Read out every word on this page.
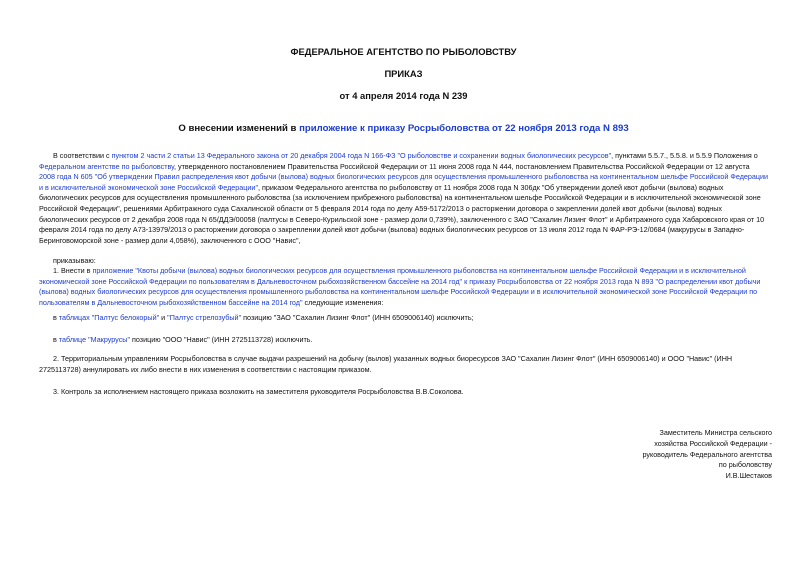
ФЕДЕРАЛЬНОЕ АГЕНТСТВО ПО РЫБОЛОВСТВУ
ПРИКАЗ
от 4 апреля 2014 года N 239
О внесении изменений в приложение к приказу Росрыболовства от 22 ноября 2013 года N 893
В соответствии с пунктом 2 части 2 статьи 13 Федерального закона от 20 декабря 2004 года N 166-ФЗ "О рыболовстве и сохранении водных биологических ресурсов", пунктами 5.5.7., 5.5.8. и 5.5.9 Положения о
Федеральном агентстве по рыболовству, утвержденного постановлением Правительства Российской Федерации от 11 июня 2008 года N 444, постановлением Правительства Российской Федерации от 12 августа
2008 года N 605 "Об утверждении Правил распределения квот добычи (вылова) водных биологических ресурсов для осуществления промышленного рыболовства на континентальном шельфе Российской Федерации
и в исключительной экономической зоне Российской Федерации", приказом Федерального агентства по рыболовству от 11 ноября 2008 года N 306дк "Об утверждении долей квот добычи (вылова) водных
биологических ресурсов для осуществления промышленного рыболовства (за исключением прибрежного рыболовства) на континентальном шельфе Российской Федерации и в исключительной экономической зоне
Российской Федерации", решениями Арбитражного суда Сахалинской области от 5 февраля 2014 года по делу А59-5172/2013 о расторжении договора о закреплении долей квот добычи (вылова) водных
биологических ресурсов от 2 декабря 2008 года N 65/ДДЭ/00058 (палтусы в Северо-Курильской зоне - размер доли 0,739%), заключенного с ЗАО "Сахалин Лизинг Флот" и Арбитражного суда Хабаровского края от 10
февраля 2014 года по делу А73-13979/2013 о расторжении договора о закреплении долей квот добычи (вылова) водных биологических ресурсов от 13 июля 2012 года N ФАР-РЭ-12/0684 (макрурусы в Западно-
Беринговоморской зоне - размер доли 4,058%), заключенного с ООО "Навис",
приказываю:
1. Внести в приложение "Квоты добычи (вылова) водных биологических ресурсов для осуществления промышленного рыболовства на континентальном шельфе Российской Федерации и в исключительной
экономической зоне Российской Федерации по пользователям в Дальневосточном рыбохозяйственном бассейне на 2014 год" к приказу Росрыболовства от 22 ноября 2013 года N 893 "О распределении квот добычи
(вылова) водных биологических ресурсов для осуществления промышленного рыболовства на континентальном шельфе Российской Федерации и в исключительной экономической зоне Российской Федерации по
пользователям в Дальневосточном рыбохозяйственном бассейне на 2014 год" следующие изменения:
в таблицах "Палтус белокорый" и "Палтус стрелозубый" позицию "ЗАО "Сахалин Лизинг Флот" (ИНН 6509006140) исключить;
в таблице "Макрурусы" позицию "ООО "Навис" (ИНН 2725113728) исключить.
2. Территориальным управлениям Росрыболовства в случае выдачи разрешений на добычу (вылов) указанных водных биоресурсов ЗАО "Сахалин Лизинг Флот" (ИНН 6509006140) и ООО "Навис" (ИНН
2725113728) аннулировать их либо внести в них изменения в соответствии с настоящим приказом.
3. Контроль за исполнением настоящего приказа возложить на заместителя руководителя Росрыболовства В.В.Соколова.
Заместитель Министра сельского
хозяйства Российской Федерации -
руководитель Федерального агентства
по рыболовству
И.В.Шестаков
